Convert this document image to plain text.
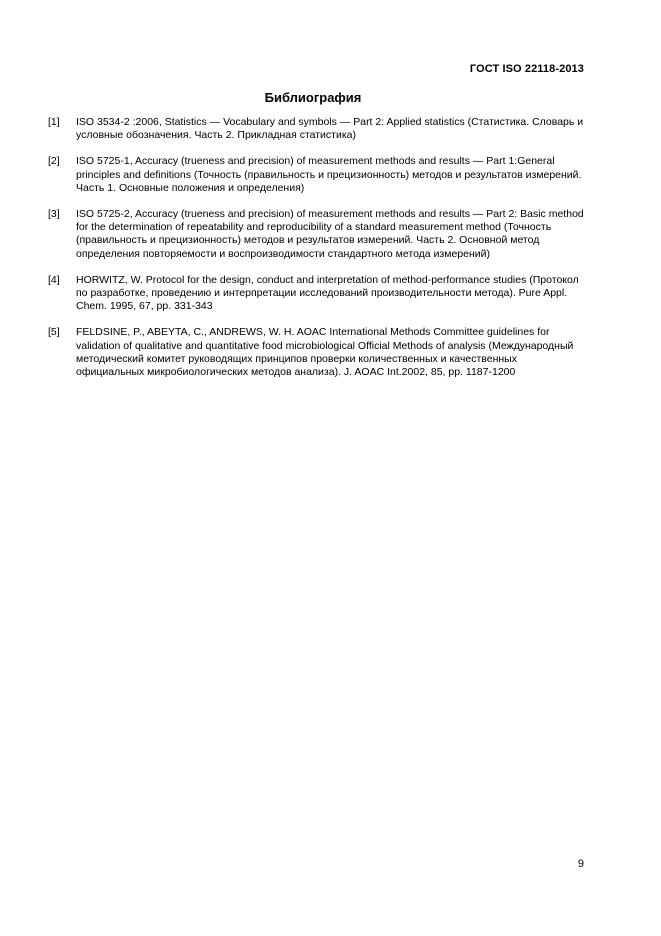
ГОСТ ISO 22118-2013
Библиография
[1] ISO 3534-2 :2006, Statistics — Vocabulary and symbols — Part 2: Applied statistics (Статистика. Словарь и условные обозначения. Часть 2. Прикладная статистика)
[2] ISO 5725-1, Accuracy (trueness and precision) of measurement methods and results — Part 1:General principles and definitions (Точность (правильность и прецизионность) методов и результатов измерений. Часть 1. Основные положения и определения)
[3] ISO 5725-2, Accuracy (trueness and precision) of measurement methods and results — Part 2: Basic method for the determination of repeatability and reproducibility of a standard measurement method (Точность (правильность и прецизионность) методов и результатов измерений. Часть 2. Основной метод определения повторяемости и воспроизводимости стандартного метода измерений)
[4] HORWITZ, W. Protocol for the design, conduct and interpretation of method-performance studies (Протокол по разработке, проведению и интерпретации исследований производительности метода). Pure Appl. Chem. 1995, 67, pp. 331-343
[5] FELDSINE, P., ABEYTA, C., ANDREWS, W. H. AOAC International Methods Committee guidelines for validation of qualitative and quantitative food microbiological Official Methods of analysis (Международный методический комитет руководящих принципов проверки количественных и качественных официальных микробиологических методов анализа). J. AOAC Int.2002, 85, pp. 1187-1200
9
